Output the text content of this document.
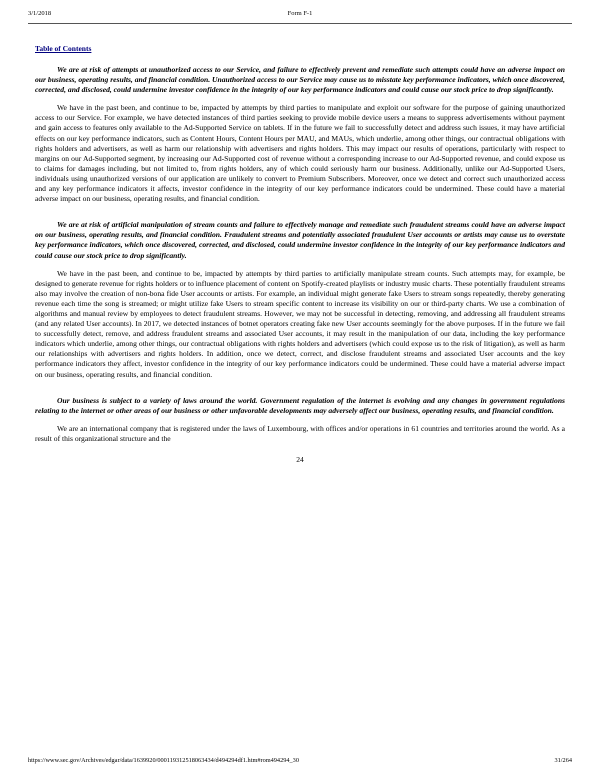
3/1/2018	Form F-1
Table of Contents

We are at risk of attempts at unauthorized access to our Service, and failure to effectively prevent and remediate such attempts could have an adverse impact on our business, operating results, and financial condition. Unauthorized access to our Service may cause us to misstate key performance indicators, which once discovered, corrected, and disclosed, could undermine investor confidence in the integrity of our key performance indicators and could cause our stock price to drop significantly.

We have in the past been, and continue to be, impacted by attempts by third parties to manipulate and exploit our software for the purpose of gaining unauthorized access to our Service. For example, we have detected instances of third parties seeking to provide mobile device users a means to suppress advertisements without payment and gain access to features only available to the Ad-Supported Service on tablets. If in the future we fail to successfully detect and address such issues, it may have artificial effects on our key performance indicators, such as Content Hours, Content Hours per MAU, and MAUs, which underlie, among other things, our contractual obligations with rights holders and advertisers, as well as harm our relationship with advertisers and rights holders. This may impact our results of operations, particularly with respect to margins on our Ad-Supported segment, by increasing our Ad-Supported cost of revenue without a corresponding increase to our Ad-Supported revenue, and could expose us to claims for damages including, but not limited to, from rights holders, any of which could seriously harm our business. Additionally, unlike our Ad-Supported Users, individuals using unauthorized versions of our application are unlikely to convert to Premium Subscribers. Moreover, once we detect and correct such unauthorized access and any key performance indicators it affects, investor confidence in the integrity of our key performance indicators could be undermined. These could have a material adverse impact on our business, operating results, and financial condition.

We are at risk of artificial manipulation of stream counts and failure to effectively manage and remediate such fraudulent streams could have an adverse impact on our business, operating results, and financial condition. Fraudulent streams and potentially associated fraudulent User accounts or artists may cause us to overstate key performance indicators, which once discovered, corrected, and disclosed, could undermine investor confidence in the integrity of our key performance indicators and could cause our stock price to drop significantly.

We have in the past been, and continue to be, impacted by attempts by third parties to artificially manipulate stream counts. Such attempts may, for example, be designed to generate revenue for rights holders or to influence placement of content on Spotify-created playlists or industry music charts. These potentially fraudulent streams also may involve the creation of non-bona fide User accounts or artists. For example, an individual might generate fake Users to stream songs repeatedly, thereby generating revenue each time the song is streamed; or might utilize fake Users to stream specific content to increase its visibility on our or third-party charts. We use a combination of algorithms and manual review by employees to detect fraudulent streams. However, we may not be successful in detecting, removing, and addressing all fraudulent streams (and any related User accounts). In 2017, we detected instances of botnet operators creating fake new User accounts seemingly for the above purposes. If in the future we fail to successfully detect, remove, and address fraudulent streams and associated User accounts, it may result in the manipulation of our data, including the key performance indicators which underlie, among other things, our contractual obligations with rights holders and advertisers (which could expose us to the risk of litigation), as well as harm our relationships with advertisers and rights holders. In addition, once we detect, correct, and disclose fraudulent streams and associated User accounts and the key performance indicators they affect, investor confidence in the integrity of our key performance indicators could be undermined. These could have a material adverse impact on our business, operating results, and financial condition.

Our business is subject to a variety of laws around the world. Government regulation of the internet is evolving and any changes in government regulations relating to the internet or other areas of our business or other unfavorable developments may adversely affect our business, operating results, and financial condition.

We are an international company that is registered under the laws of Luxembourg, with offices and/or operations in 61 countries and territories around the world. As a result of this organizational structure and the

24
https://www.sec.gov/Archives/edgar/data/1639920/000119312518063434/d494294df1.htm#rom494294_30	31/264
